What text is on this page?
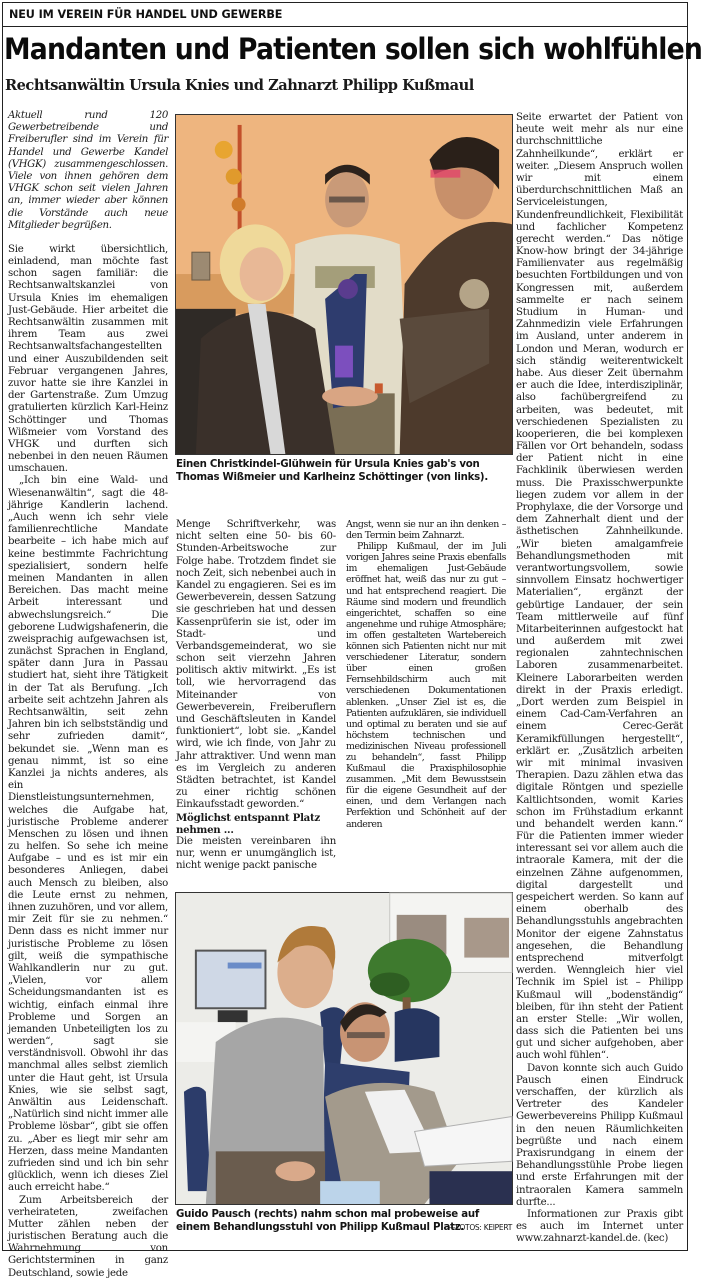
NEU IM VEREIN FÜR HANDEL UND GEWERBE
Mandanten und Patienten sollen sich wohlfühlen
Rechtsanwältin Ursula Knies und Zahnarzt Philipp Kußmaul

Aktuell rund 120 Gewerbetreibende und Freiberufler sind im Verein für Handel und Gewerbe Kandel (VHGK) zusammengeschlossen. Viele von ihnen gehören dem VHGK schon seit vielen Jahren an, immer wieder aber können die Vorstände auch neue Mitglieder begrüßen.

Sie wirkt übersichtlich, einladend, man möchte fast schon sagen familiär: die Rechtsanwaltskanzlei von Ursula Knies im ehemaligen Just-Gebäude. Hier arbeitet die Rechtsanwältin zusammen mit ihrem Team aus zwei Rechtsanwaltsfachangestellten und einer Auszubildenden seit Februar vergangenen Jahres, zuvor hatte sie ihre Kanzlei in der Gartenstraße. Zum Umzug gratulierten kürzlich Karl-Heinz Schöttinger und Thomas Wißmeier vom Vorstand des VHGK und durften sich nebenbei in den neuen Räumen umschauen.

„Ich bin eine Wald- und Wiesenanwältin“, sagt die 48-jährige Kandlerin lachend. „Auch wenn ich sehr viele familienrechtliche Mandate bearbeite – ich habe mich auf keine bestimmte Fachrichtung spezialisiert, sondern helfe meinen Mandanten in allen Bereichen. Das macht meine Arbeit interessant und abwechslungsreich.“ Die geborene Ludwigshafenerin, die zweisprachig aufgewachsen ist, zunächst Sprachen in England, später dann Jura in Passau studiert hat, sieht ihre Tätigkeit in der Tat als Berufung. „Ich arbeite seit achtzehn Jahren als Rechtsanwältin, seit zehn Jahren bin ich selbstständig und sehr zufrieden damit“, bekundet sie. „Wenn man es genau nimmt, ist so eine Kanzlei ja nichts anderes, als ein Dienstleistungsunternehmen, welches die Aufgabe hat, juristische Probleme anderer Menschen zu lösen und ihnen zu helfen. So sehe ich meine Aufgabe – und es ist mir ein besonderes Anliegen, dabei auch Mensch zu bleiben, also die Leute ernst zu nehmen, ihnen zuzuhören, und vor allem, mir Zeit für sie zu nehmen.“ Denn dass es nicht immer nur juristische Probleme zu lösen gilt, weiß die sympathische Wahlkandlerin nur zu gut. „Vielen, vor allem Scheidungsmandanten ist es wichtig, einfach einmal ihre Probleme und Sorgen an jemanden Unbeteiligten los zu werden“, sagt sie verständnisvoll. Obwohl ihr das manchmal alles selbst ziemlich unter die Haut geht, ist Ursula Knies, wie sie selbst sagt, Anwältin aus Leidenschaft. „Natürlich sind nicht immer alle Probleme lösbar“, gibt sie offen zu. „Aber es liegt mir sehr am Herzen, dass meine Mandanten zufrieden sind und ich bin sehr glücklich, wenn ich dieses Ziel auch erreicht habe.“

Zum Arbeitsbereich der verheirateten, zweifachen Mutter zählen neben der juristischen Beratung auch die Wahrnehmung von Gerichtsterminen in ganz Deutschland, sowie jede

Einen Christkindel-Glühwein für Ursula Knies gab's von Thomas Wißmeier und Karlheinz Schöttinger (von links).

Menge Schriftverkehr, was nicht selten eine 50- bis 60-Stunden-Arbeitswoche zur Folge habe. Trotzdem findet sie noch Zeit, sich nebenbei auch in Kandel zu engagieren. Sei es im Gewerbeverein, dessen Satzung sie geschrieben hat und dessen Kassenprüferin sie ist, oder im Stadt- und Verbandsgemeinderat, wo sie schon seit vierzehn Jahren politisch aktiv mitwirkt. „Es ist toll, wie hervorragend das Miteinander von Gewerbeverein, Freiberuflern und Geschäftsleuten in Kandel funktioniert“, lobt sie. „Kandel wird, wie ich finde, von Jahr zu Jahr attraktiver. Und wenn man es im Vergleich zu anderen Städten betrachtet, ist Kandel zu einer richtig schönen Einkaufsstadt geworden.“

Möglichst entspannt Platz nehmen ...

Die meisten vereinbaren ihn nur, wenn er unumgänglich ist, nicht wenige packt panische

Angst, wenn sie nur an ihn denken – den Termin beim Zahnarzt.

Philipp Kußmaul, der im Juli vorigen Jahres seine Praxis ebenfalls im ehemaligen Just-Gebäude eröffnet hat, weiß das nur zu gut – und hat entsprechend reagiert. Die Räume sind modern und freundlich eingerichtet, schaffen so eine angenehme und ruhige Atmosphäre; im offen gestalteten Wartebereich können sich Patienten nicht nur mit verschiedener Literatur, sondern über einen großen Fernsehbildschirm auch mit verschiedenen Dokumentationen ablenken. „Unser Ziel ist es, die Patienten aufzuklären, sie individuell und optimal zu beraten und sie auf höchstem technischen und medizinischen Niveau professionell zu behandeln“, fasst Philipp Kußmaul die Praxisphilosophie zusammen. „Mit dem Bewusstsein für die eigene Gesundheit auf der einen, und dem Verlangen nach Perfektion und Schönheit auf der anderen

Guido Pausch (rechts) nahm schon mal probeweise auf einem Behandlungsstuhl von Philipp Kußmaul Platz.
—FOTOS: KEIPERT

Seite erwartet der Patient von heute weit mehr als nur eine durchschnittliche Zahnheilkunde“, erklärt er weiter. „Diesem Anspruch wollen wir mit einem überdurchschnittlichen Maß an Serviceleistungen, Kundenfreundlichkeit, Flexibilität und fachlicher Kompetenz gerecht werden.“ Das nötige Know-how bringt der 34-jährige Familienvater aus regelmäßig besuchten Fortbildungen und von Kongressen mit, außerdem sammelte er nach seinem Studium in Human- und Zahnmedizin viele Erfahrungen im Ausland, unter anderem in London und Meran, wodurch er sich ständig weiterentwickelt habe. Aus dieser Zeit übernahm er auch die Idee, interdisziplinär, also fachübergreifend zu arbeiten, was bedeutet, mit verschiedenen Spezialisten zu kooperieren, die bei komplexen Fällen vor Ort behandeln, sodass der Patient nicht in eine Fachklinik überwiesen werden muss. Die Praxisschwerpunkte liegen zudem vor allem in der Prophylaxe, die der Vorsorge und dem Zahnerhalt dient und der ästhetischen Zahnheilkunde. „Wir bieten amalgamfreie Behandlungsmethoden mit verantwortungsvollem, sowie sinnvollem Einsatz hochwertiger Materialien“, ergänzt der gebürtige Landauer, der sein Team mittlerweile auf fünf Mitarbeiterinnen aufgestockt hat und außerdem mit zwei regionalen zahntechnischen Laboren zusammenarbeitet. Kleinere Laborarbeiten werden direkt in der Praxis erledigt. „Dort werden zum Beispiel in einem Cad-Cam-Verfahren an einem Cerec-Gerät Keramikfüllungen hergestellt“, erklärt er. „Zusätzlich arbeiten wir mit minimal invasiven Therapien. Dazu zählen etwa das digitale Röntgen und spezielle Kaltlichtsonden, womit Karies schon im Frühstadium erkannt und behandelt werden kann.“ Für die Patienten immer wieder interessant sei vor allem auch die intraorale Kamera, mit der die einzelnen Zähne aufgenommen, digital dargestellt und gespeichert werden. So kann auf einem oberhalb des Behandlungsstuhls angebrachten Monitor der eigene Zahnstatus angesehen, die Behandlung entsprechend mitverfolgt werden. Wenngleich hier viel Technik im Spiel ist – Philipp Kußmaul will „bodenständig“ bleiben, für ihn steht der Patient an erster Stelle: „Wir wollen, dass sich die Patienten bei uns gut und sicher aufgehoben, aber auch wohl fühlen“.

Davon konnte sich auch Guido Pausch einen Eindruck verschaffen, der kürzlich als Vertreter des Kandeler Gewerbevereins Philipp Kußmaul in den neuen Räumlichkeiten begrüßte und nach einem Praxisrundgang in einem der Behandlungsstühle Probe liegen und erste Erfahrungen mit der intraoralen Kamera sammeln durfte...

Informationen zur Praxis gibt es auch im Internet unter www.zahnarzt-kandel.de. (kec)
